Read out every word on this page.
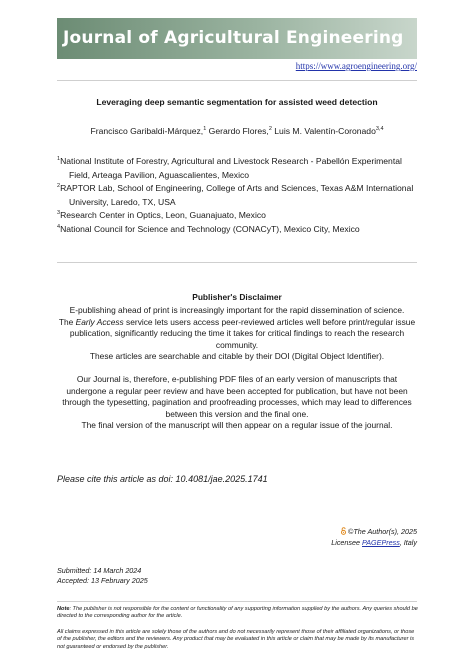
Journal of Agricultural Engineering
https://www.agroengineering.org/
Leveraging deep semantic segmentation for assisted weed detection
Francisco Garibaldi-Márquez,$^1$ Gerardo Flores,$^2$ Luis M. Valentín-Coronado$^{3,4}$

$^1$National Institute of Forestry, Agricultural and Livestock Research - Pabellón Experimental Field, Arteaga Pavilion, Aguascalientes, Mexico

$^2$RAPTOR Lab, School of Engineering, College of Arts and Sciences, Texas A&M International University, Laredo, TX, USA

$^3$Research Center in Optics, Leon, Guanajuato, Mexico

$^4$National Council for Science and Technology (CONACyT), Mexico City, Mexico

Publisher's Disclaimer

E-publishing ahead of print is increasingly important for the rapid dissemination of science.

The Early Access service lets users access peer-reviewed articles well before print/regular issue publication, significantly reducing the time it takes for critical findings to reach the research community.

These articles are searchable and citable by their DOI (Digital Object Identifier).

Our Journal is, therefore, e-publishing PDF files of an early version of manuscripts that undergone a regular peer review and have been accepted for publication, but have not been through the typesetting, pagination and proofreading processes, which may lead to differences between this version and the final one.

The final version of the manuscript will then appear on a regular issue of the journal.

Please cite this article as doi: 10.4081/jae.2025.1741
©The Author(s), 2025
Licensee PAGEPress, Italy
Submitted: 14 March 2024
Accepted: 13 February 2025
Note: The publisher is not responsible for the content or functionality of any supporting information supplied by the authors. Any queries should be directed to the corresponding author for the article.
All claims expressed in this article are solely those of the authors and do not necessarily represent those of their affiliated organizations, or those of the publisher, the editors and the reviewers. Any product that may be evaluated in this article or claim that may be made by its manufacturer is not guaranteed or endorsed by the publisher.
